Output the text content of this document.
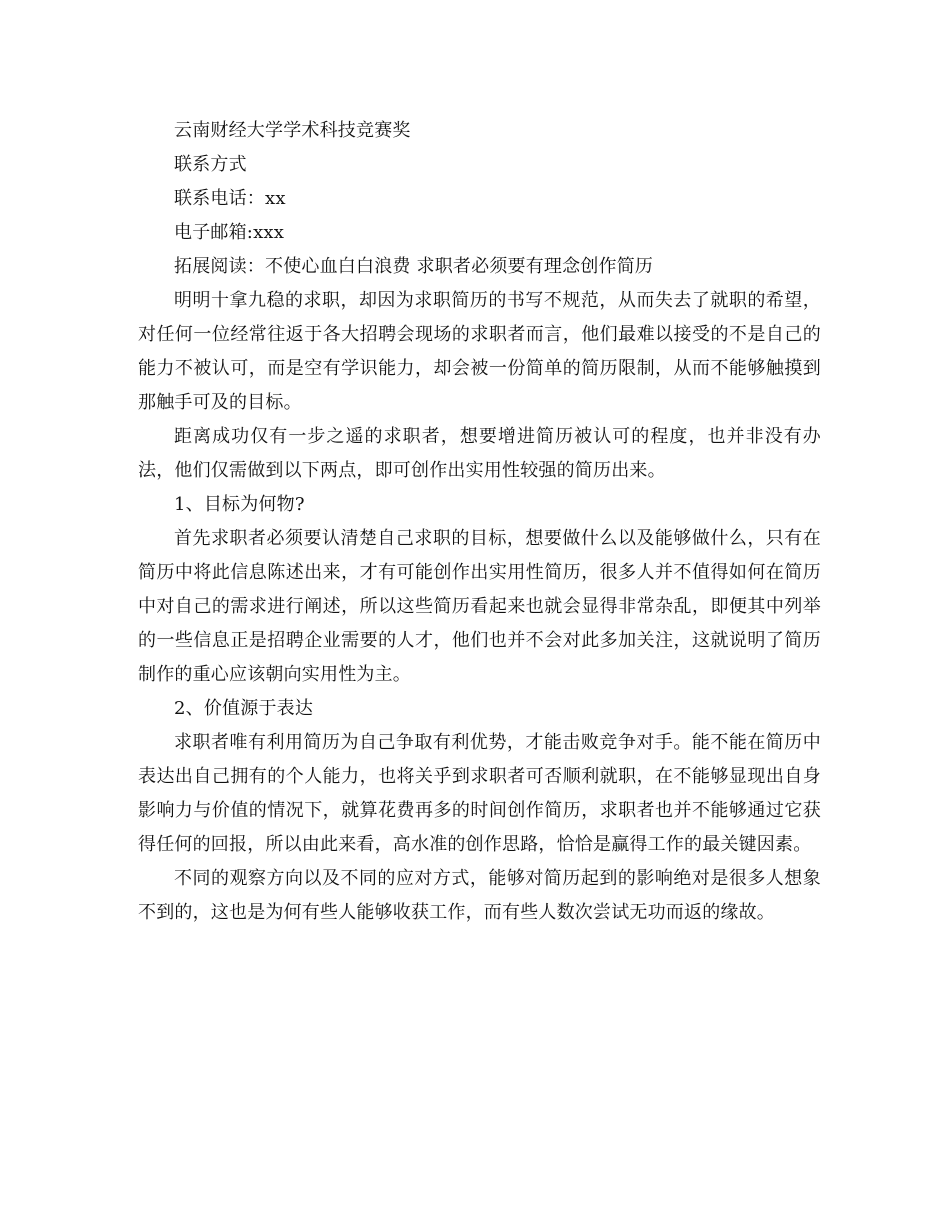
云南财经大学学术科技竞赛奖

联系方式

联系电话：xx

电子邮箱:xxx

拓展阅读：不使心血白白浪费 求职者必须要有理念创作简历

明明十拿九稳的求职，却因为求职简历的书写不规范，从而失去了就职的希望，对任何一位经常往返于各大招聘会现场的求职者而言，他们最难以接受的不是自己的能力不被认可，而是空有学识能力，却会被一份简单的简历限制，从而不能够触摸到那触手可及的目标。

距离成功仅有一步之遥的求职者，想要增进简历被认可的程度，也并非没有办法，他们仅需做到以下两点，即可创作出实用性较强的简历出来。

1、目标为何物?

首先求职者必须要认清楚自己求职的目标，想要做什么以及能够做什么，只有在简历中将此信息陈述出来，才有可能创作出实用性简历，很多人并不值得如何在简历中对自己的需求进行阐述，所以这些简历看起来也就会显得非常杂乱，即便其中列举的一些信息正是招聘企业需要的人才，他们也并不会对此多加关注，这就说明了简历制作的重心应该朝向实用性为主。

2、价值源于表达

求职者唯有利用简历为自己争取有利优势，才能击败竞争对手。能不能在简历中表达出自己拥有的个人能力，也将关乎到求职者可否顺利就职，在不能够显现出自身影响力与价值的情况下，就算花费再多的时间创作简历，求职者也并不能够通过它获得任何的回报，所以由此来看，高水准的创作思路，恰恰是赢得工作的最关键因素。

不同的观察方向以及不同的应对方式，能够对简历起到的影响绝对是很多人想象不到的，这也是为何有些人能够收获工作，而有些人数次尝试无功而返的缘故。
